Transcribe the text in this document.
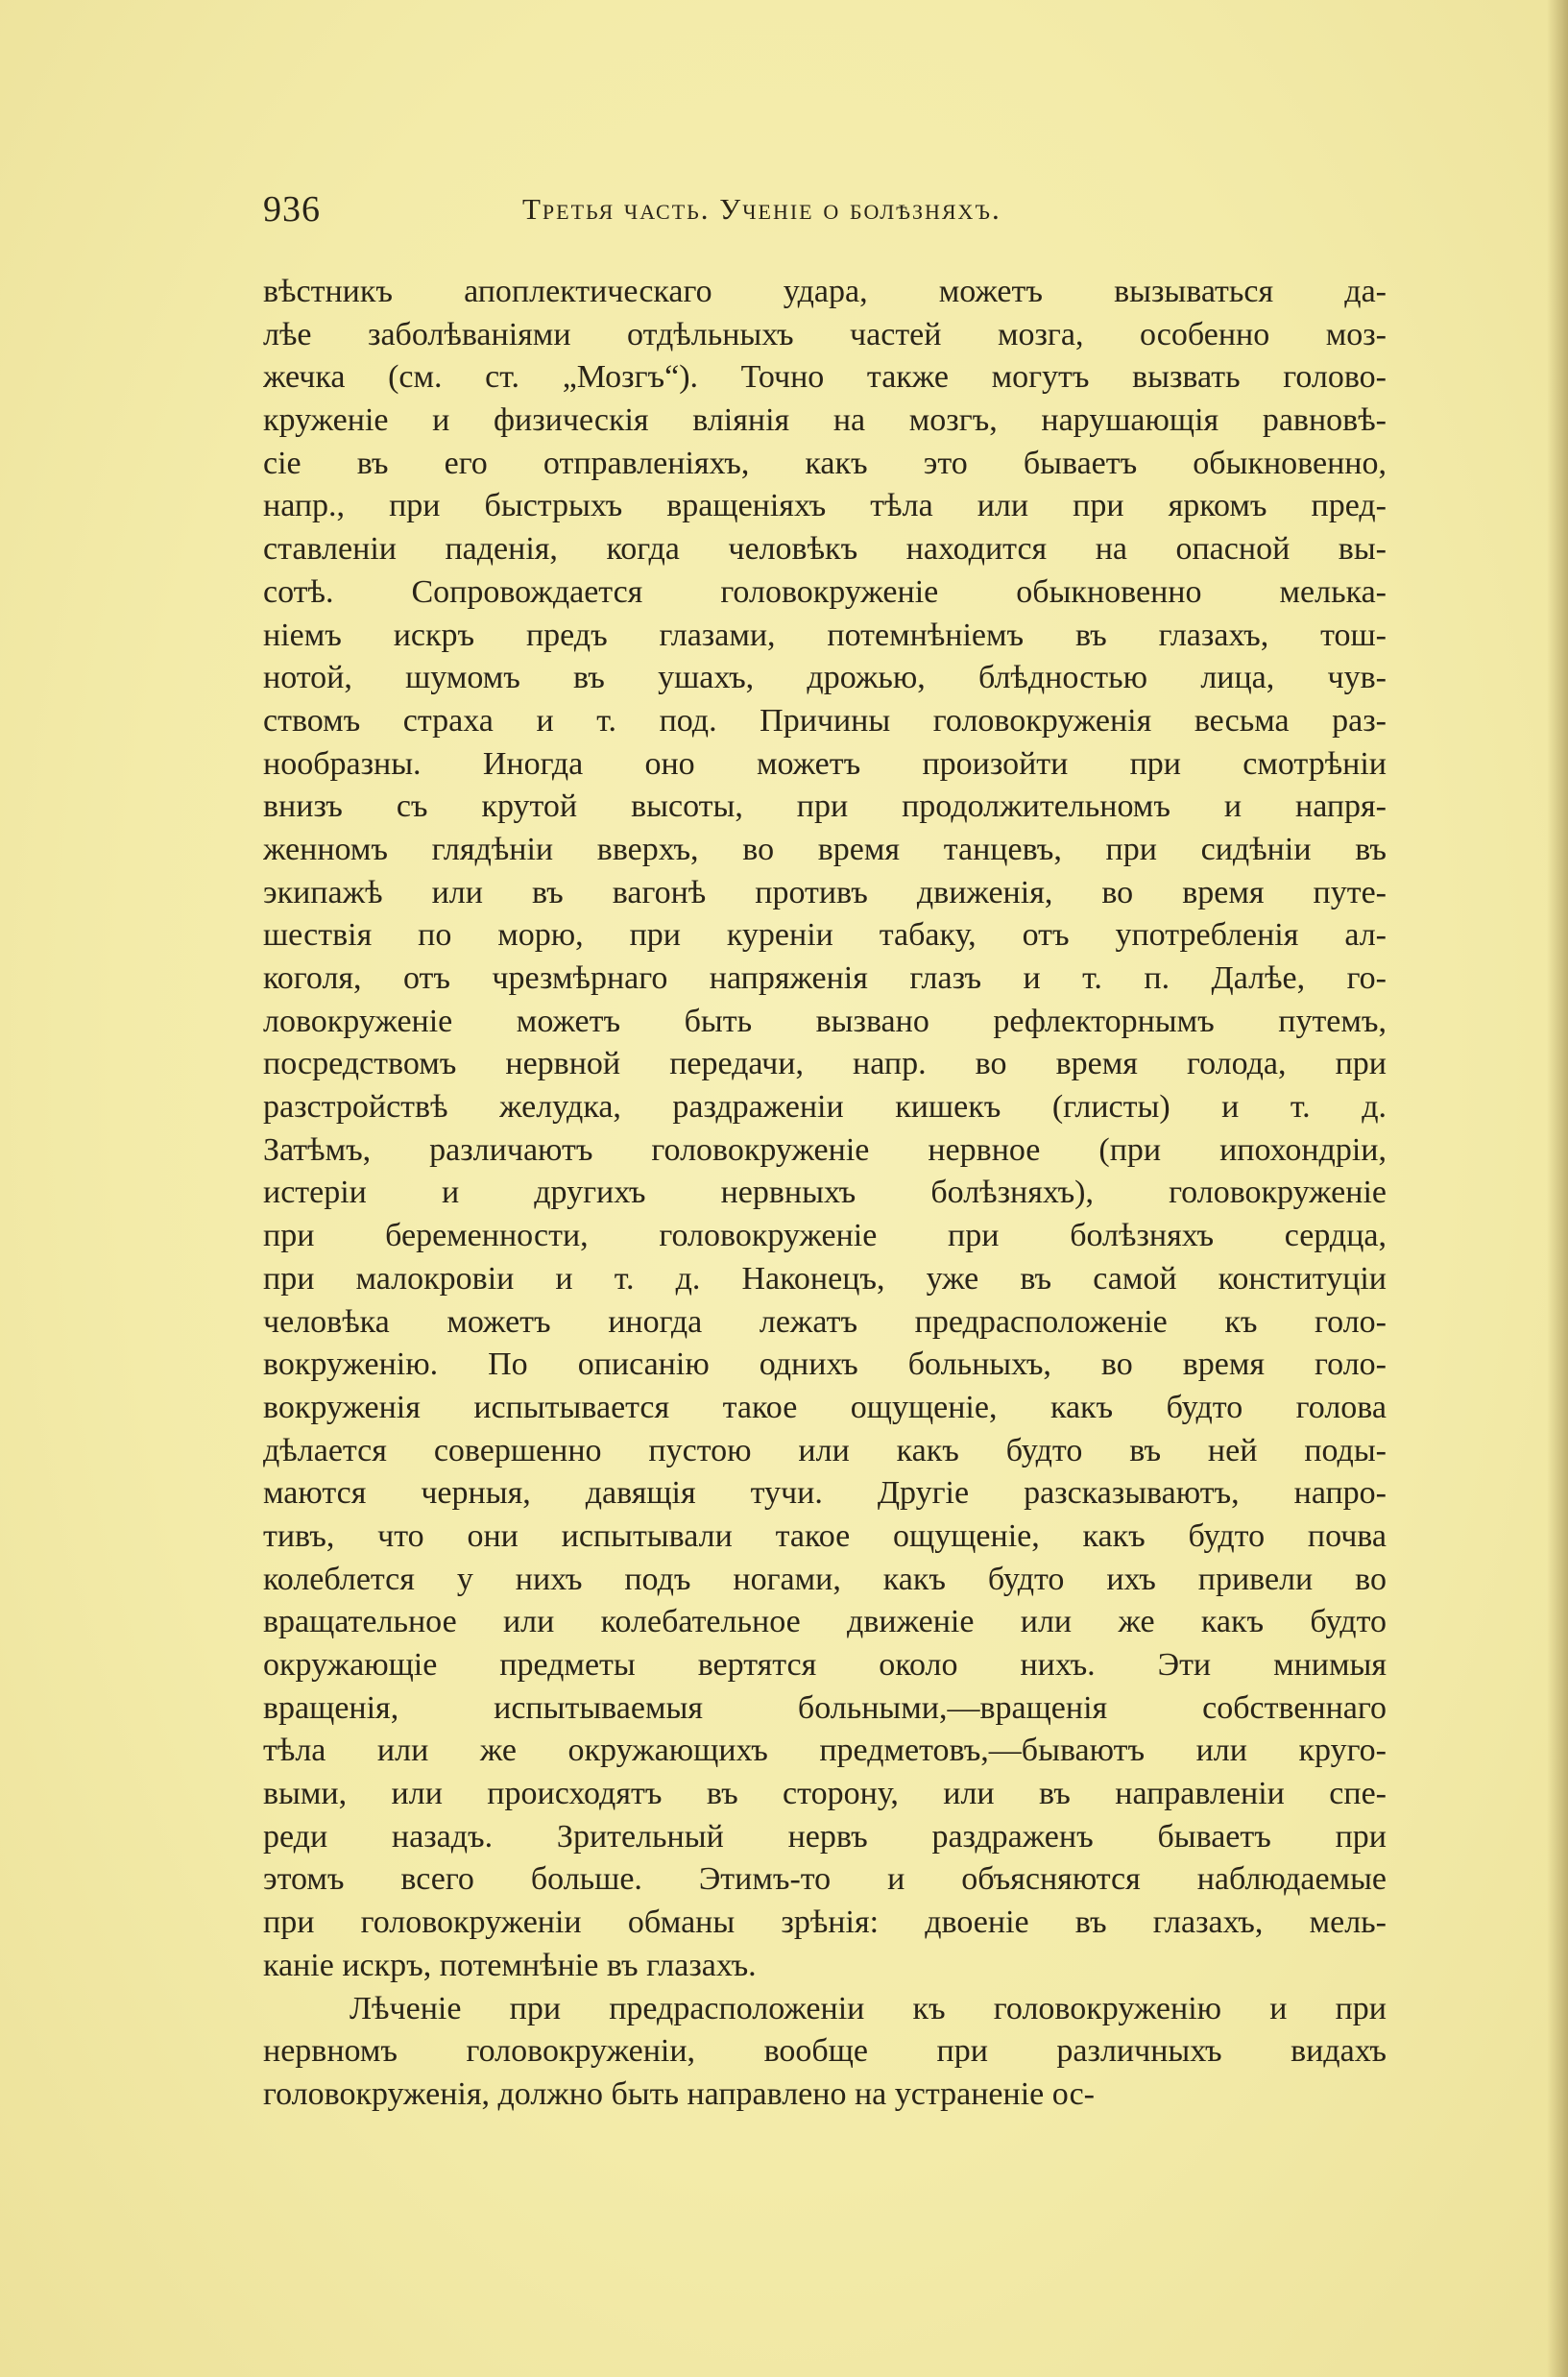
936	Третья часть. Ученіе о болѣзняхъ.
вѣстникъ апоплектическаго удара, можетъ вызываться да-
лѣе заболѣваніями отдѣльныхъ частей мозга, особенно моз-
жечка (см. ст. „Мозгъ“). Точно также могутъ вызвать голово-
круженіе и физическія вліянія на мозгъ, нарушающія равновѣ-
сіе въ его отправленіяхъ, какъ это бываетъ обыкновенно,
напр., при быстрыхъ вращеніяхъ тѣла или при яркомъ пред-
ставленіи паденія, когда человѣкъ находится на опасной вы-
сотѣ. Сопровождается головокруженіе обыкновенно мелька-
ніемъ искръ предъ глазами, потемнѣніемъ въ глазахъ, тош-
нотой, шумомъ въ ушахъ, дрожью, блѣдностью лица, чув-
ствомъ страха и т. под. Причины головокруженія весьма раз-
нообразны. Иногда оно можетъ произойти при смотрѣніи
внизъ съ крутой высоты, при продолжительномъ и напря-
женномъ глядѣніи вверхъ, во время танцевъ, при сидѣніи въ
экипажѣ или въ вагонѣ противъ движенія, во время путе-
шествія по морю, при куреніи табаку, отъ употребленія ал-
коголя, отъ чрезмѣрнаго напряженія глазъ и т. п. Далѣе, го-
ловокруженіе можетъ быть вызвано рефлекторнымъ путемъ,
посредствомъ нервной передачи, напр. во время голода, при
разстройствѣ желудка, раздраженіи кишекъ (глисты) и т. д.
Затѣмъ, различаютъ головокруженіе нервное (при ипохондріи,
истеріи и другихъ нервныхъ болѣзняхъ), головокруженіе
при беременности, головокруженіе при болѣзняхъ сердца,
при малокровіи и т. д. Наконецъ, уже въ самой конституціи
человѣка можетъ иногда лежатъ предрасположеніе къ голо-
вокруженію. По описанію однихъ больныхъ, во время голо-
вокруженія испытывается такое ощущеніе, какъ будто голова
дѣлается совершенно пустою или какъ будто въ ней поды-
маются черныя, давящія тучи. Другіе разсказываютъ, напро-
тивъ, что они испытывали такое ощущеніе, какъ будто почва
колеблется у нихъ подъ ногами, какъ будто ихъ привели во
вращательное или колебательное движеніе или же какъ будто
окружающіе предметы вертятся около нихъ. Эти мнимыя
вращенія, испытываемыя больными,—вращенія собственнаго
тѣла или же окружающихъ предметовъ,—бываютъ или круго-
выми, или происходятъ въ сторону, или въ направленіи спе-
реди назадъ. Зрительный нервъ раздраженъ бываетъ при
этомъ всего больше. Этимъ-то и объясняются наблюдаемые
при головокруженіи обманы зрѣнія: двоеніе въ глазахъ, мель-
каніе искръ, потемнѣніе въ глазахъ.
Лѣченіе при предрасположеніи къ головокруженію и при
нервномъ головокруженіи, вообще при различныхъ видахъ
головокруженія, должно быть направлено на устраненіе ос-
